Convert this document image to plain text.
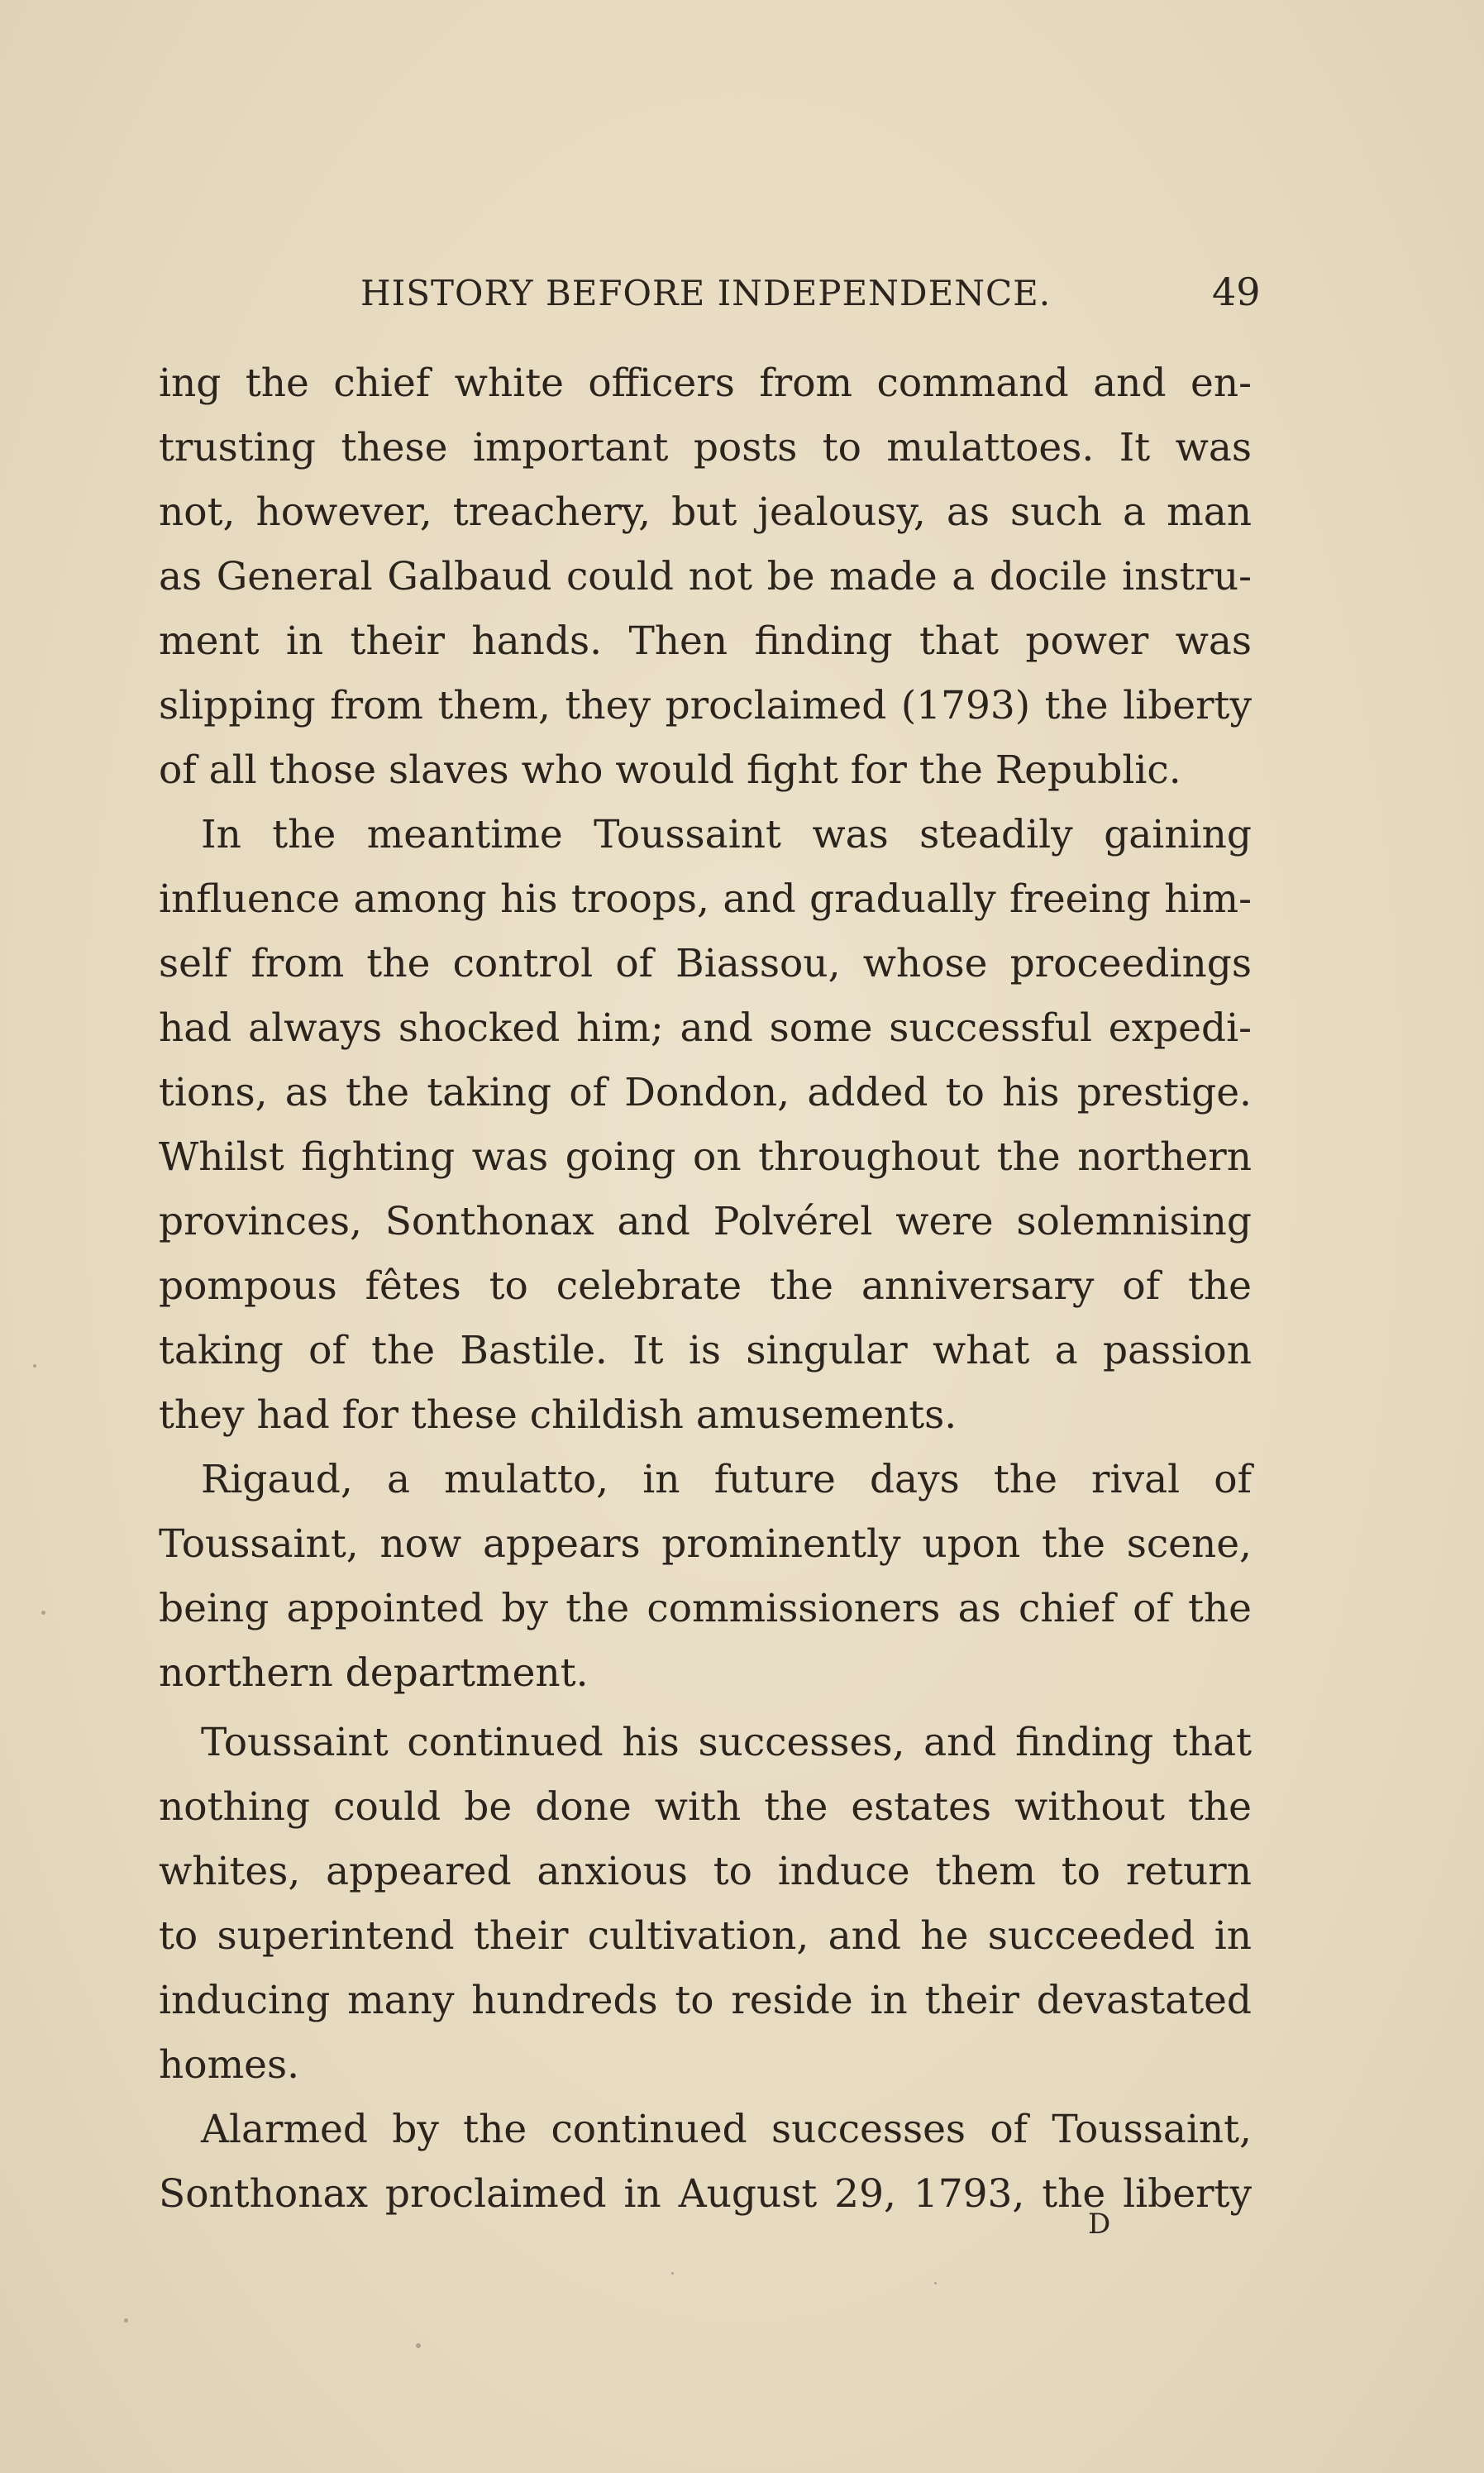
HISTORY BEFORE INDEPENDENCE.	49
ing the chief white officers from command and en-
trusting these important posts to mulattoes. It was
not, however, treachery, but jealousy, as such a man
as General Galbaud could not be made a docile instru-
ment in their hands. Then finding that power was
slipping from them, they proclaimed (1793) the liberty
of all those slaves who would fight for the Republic.
In the meantime Toussaint was steadily gaining
influence among his troops, and gradually freeing him-
self from the control of Biassou, whose proceedings
had always shocked him; and some successful expedi-
tions, as the taking of Dondon, added to his prestige.
Whilst fighting was going on throughout the northern
provinces, Sonthonax and Polvérel were solemnising
pompous fêtes to celebrate the anniversary of the
taking of the Bastile. It is singular what a passion
they had for these childish amusements.
Rigaud, a mulatto, in future days the rival of
Toussaint, now appears prominently upon the scene,
being appointed by the commissioners as chief of the
northern department.
Toussaint continued his successes, and finding that
nothing could be done with the estates without the
whites, appeared anxious to induce them to return
to superintend their cultivation, and he succeeded in
inducing many hundreds to reside in their devastated
homes.
Alarmed by the continued successes of Toussaint,
Sonthonax proclaimed in August 29, 1793, the liberty
D
